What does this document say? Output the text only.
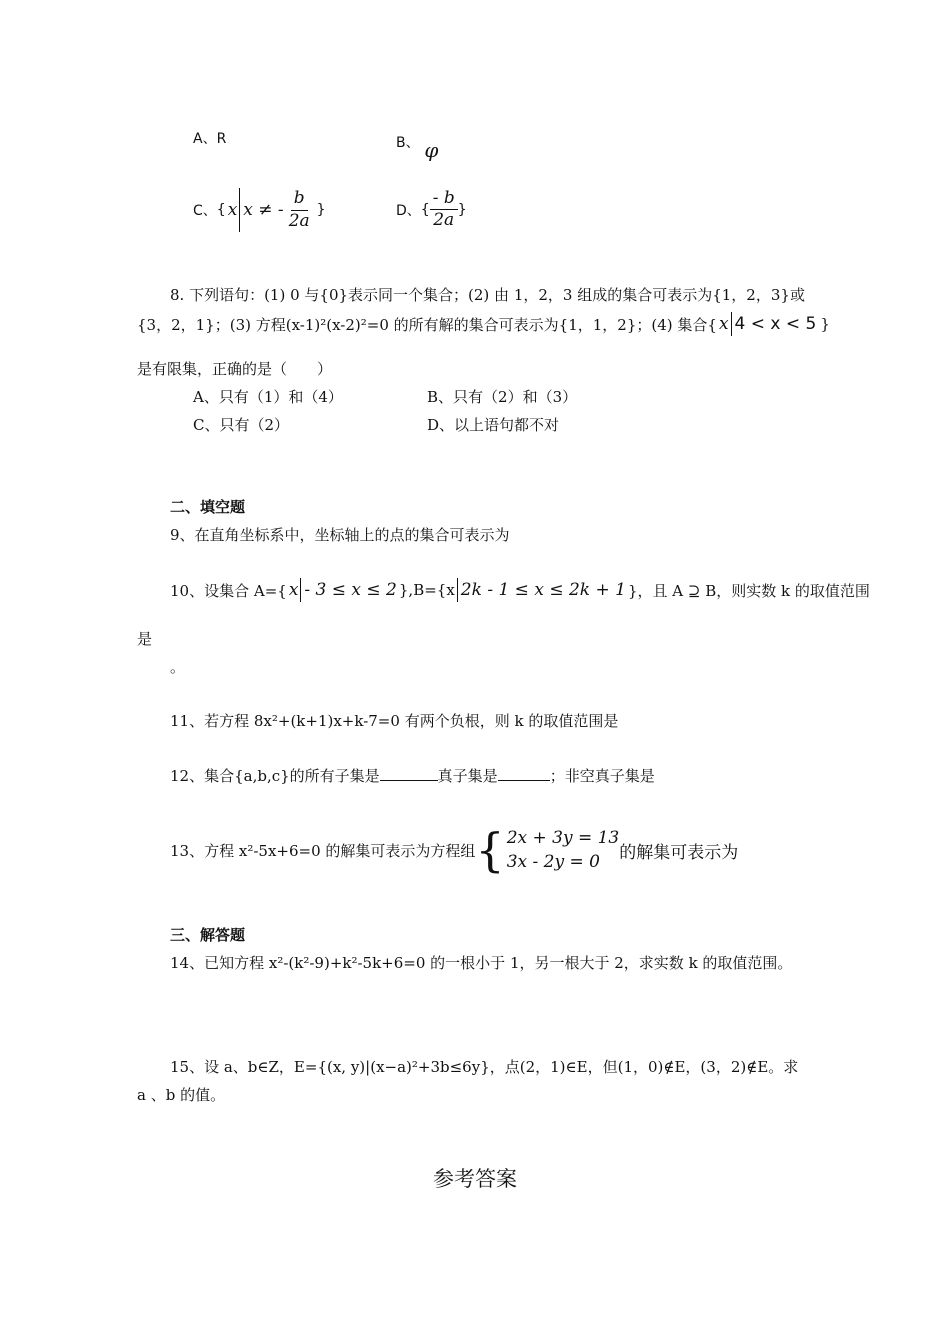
A、R	B、 φ
C、 { x x ≠ - $\frac{b}{2a}$ }	D、 { $\frac{- b}{2a}$ }
8. 下列语句：(1) 0 与{0}表示同一个集合；(2) 由 1，2，3 组成的集合可表示为{1，2，3}或
{3，2，1}；(3) 方程(x-1)²(x-2)²=0 的所有解的集合可表示为{1，1，2}；(4) 集合{ x 4 < x < 5 }
是有限集，正确的是（　　）
A、只有（1）和（4）	B、只有（2）和（3）
C、只有（2）	D、以上语句都不对
二、填空题
9、在直角坐标系中，坐标轴上的点的集合可表示为
10、设集合 A={ x - 3 ≤ x ≤ 2 },B={x 2k - 1 ≤ x ≤ 2k + 1 }，且 A ⊇ B，则实数 k 的取值范围
是
。
11、若方程 8x²+(k+1)x+k-7=0 有两个负根，则 k 的取值范围是
12、集合{a,b,c}的所有子集是	真子集是	；非空真子集是
13、方程 x²-5x+6=0 的解集可表示为方程组 { 2x + 3y = 13
3x - 2y = 0	的解集可表示为
三、解答题
14、已知方程 x²-(k²-9)+k²-5k+6=0 的一根小于 1，另一根大于 2，求实数 k 的取值范围。
15、设 a、b∈Z，E={(x, y)|(x−a)²+3b≤6y}，点(2，1)∈E，但(1，0)∉E，(3，2)∉E。求
a 、b 的值。
参考答案
